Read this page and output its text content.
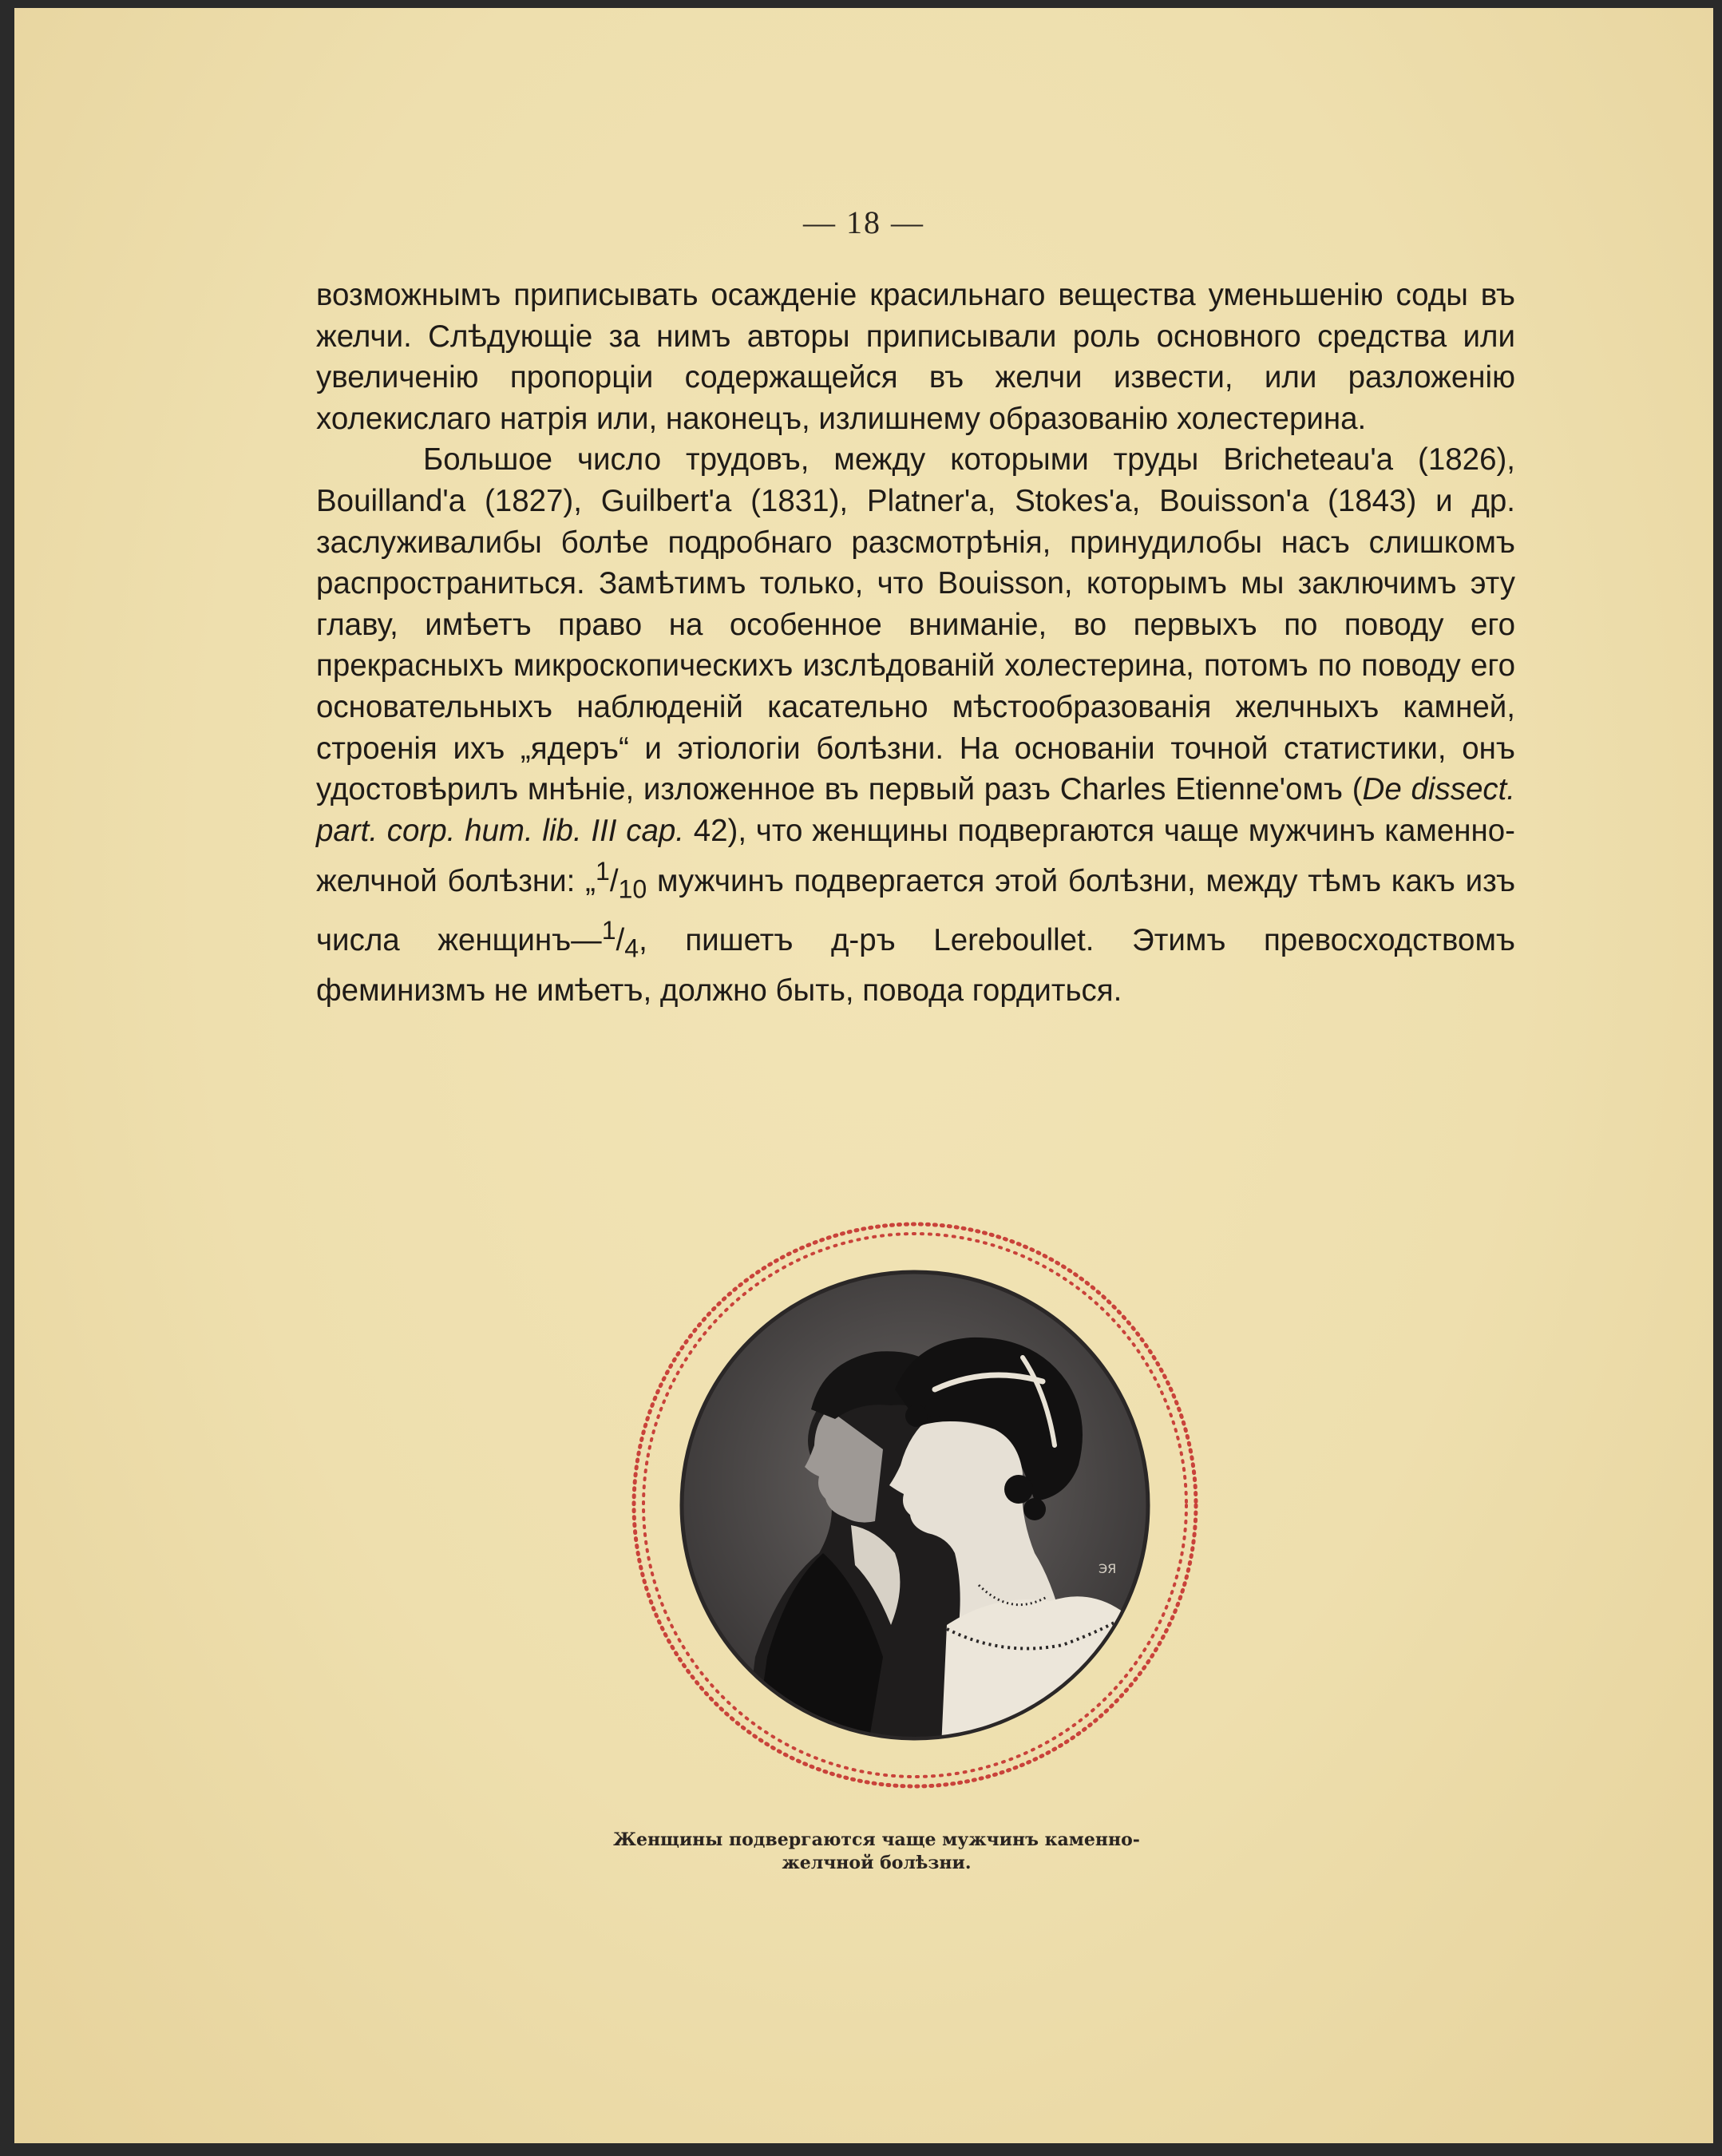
— 18 —

возможнымъ приписывать осажденіе красильнаго вещества уменьшенію соды въ желчи. Слѣдующіе за нимъ авторы приписывали роль основного средства или увеличенію пропорціи содержащейся въ желчи извести, или разложенію холекислаго натрія или, наконецъ, излишнему образованію холестерина.

Большое число трудовъ, между которыми труды Bricheteau'a (1826), Bouilland'a (1827), Guilbert'a (1831), Platner'a, Stokes'a, Bouisson'a (1843) и др. заслуживалибы болѣе подробнаго разсмотрѣнія, принудилобы насъ слишкомъ распространиться. Замѣтимъ только, что Bouisson, которымъ мы заключимъ эту главу, имѣетъ право на особенное вниманіе, во первыхъ по поводу его прекрасныхъ микроскопическихъ изслѣдованій холестерина, потомъ по поводу его основательныхъ наблюденій касательно мѣстообразованія желчныхъ камней, строенія ихъ „ядеръ“ и этіологіи болѣзни. На основаніи точной статистики, онъ удостовѣрилъ мнѣніе, изложенное въ первый разъ Charles Etienne'омъ (De dissect. part. corp. hum. lib. III cap. 42), что женщины подвергаются чаще мужчинъ каменно-желчной болѣзни: $„^1/_{10}$ мужчинъ подвергается этой болѣзни, между тѣмъ какъ изъ числа $женщинъ—^1/_4$, пишетъ д-ръ Lereboullet. Этимъ превосходствомъ феминизмъ не имѣетъ, должно быть, повода гордиться.

ЭЯ
Женщины подвергаются чаще мужчинъ каменно-
желчной болѣзни.
